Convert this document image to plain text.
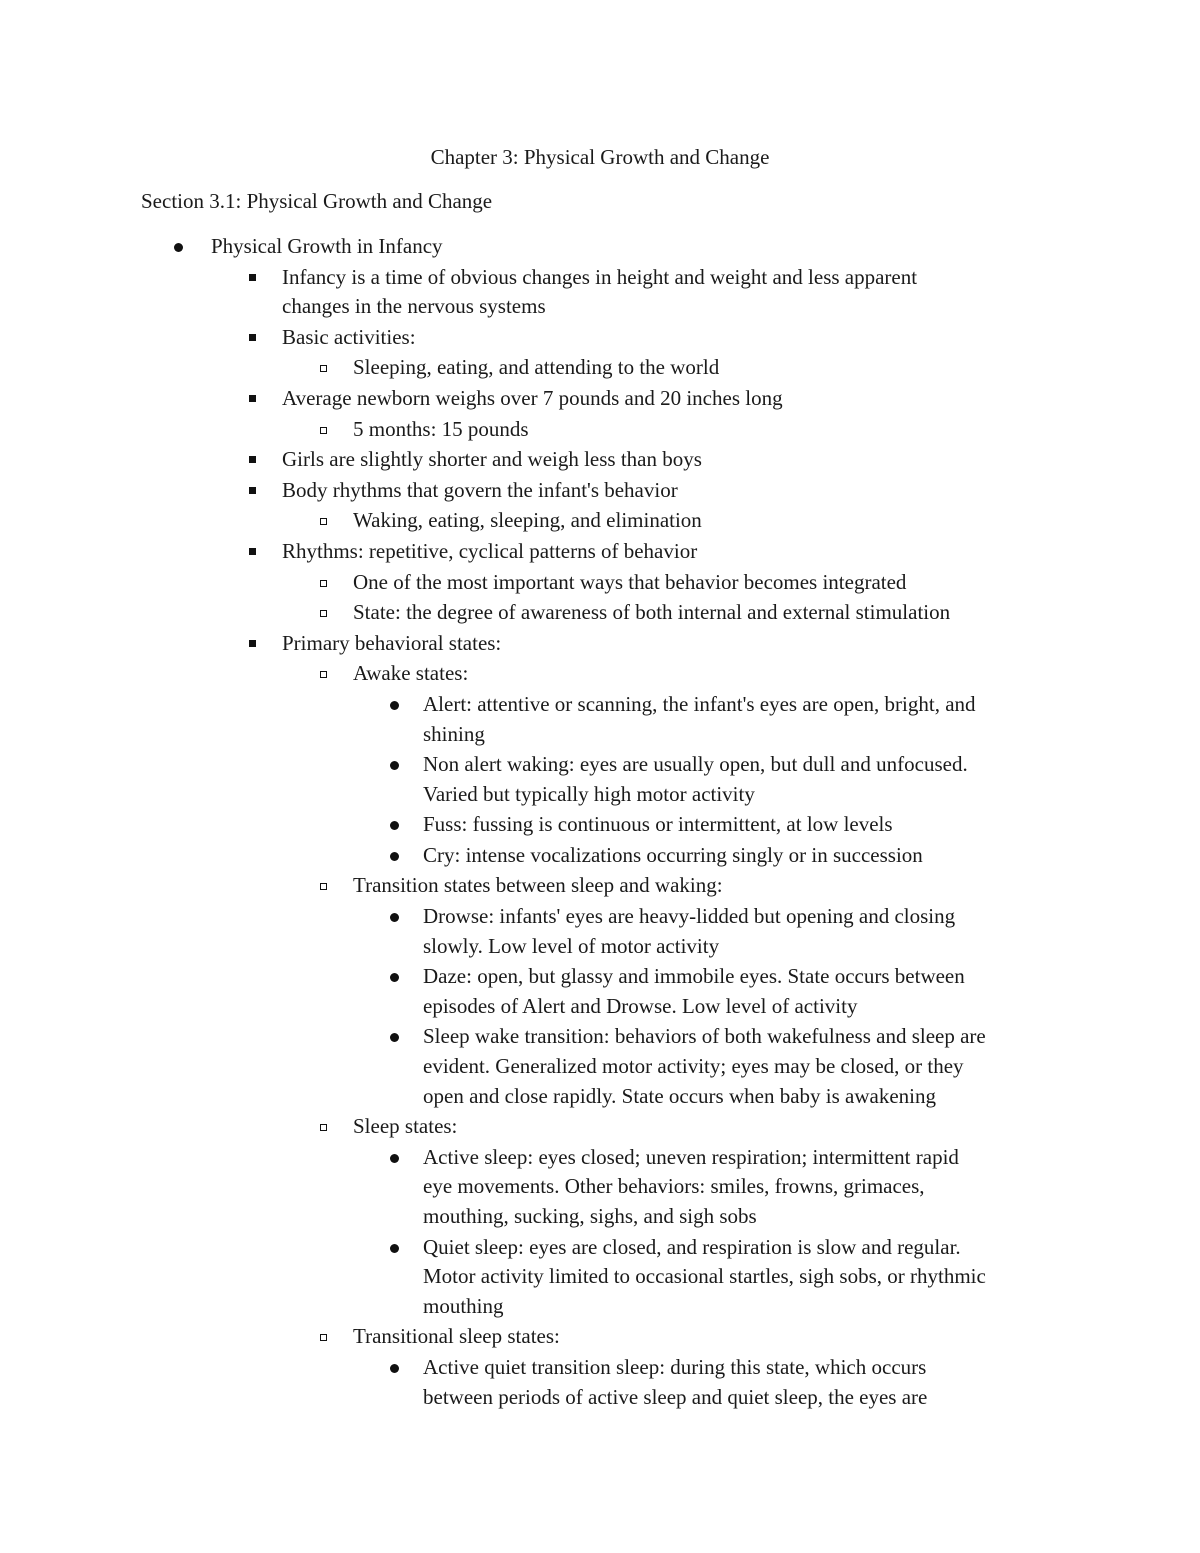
Chapter 3: Physical Growth and Change
Section 3.1: Physical Growth and Change
Physical Growth in Infancy
Infancy is a time of obvious changes in height and weight and less apparent
changes in the nervous systems
Basic activities:
Sleeping, eating, and attending to the world
Average newborn weighs over 7 pounds and 20 inches long
5 months: 15 pounds
Girls are slightly shorter and weigh less than boys
Body rhythms that govern the infant's behavior
Waking, eating, sleeping, and elimination
Rhythms: repetitive, cyclical patterns of behavior
One of the most important ways that behavior becomes integrated
State: the degree of awareness of both internal and external stimulation
Primary behavioral states:
Awake states:
Alert: attentive or scanning, the infant's eyes are open, bright, and
shining
Non alert waking: eyes are usually open, but dull and unfocused.
Varied but typically high motor activity
Fuss: fussing is continuous or intermittent, at low levels
Cry: intense vocalizations occurring singly or in succession
Transition states between sleep and waking:
Drowse: infants' eyes are heavy-lidded but opening and closing
slowly. Low level of motor activity
Daze: open, but glassy and immobile eyes. State occurs between
episodes of Alert and Drowse. Low level of activity
Sleep wake transition: behaviors of both wakefulness and sleep are
evident. Generalized motor activity; eyes may be closed, or they
open and close rapidly. State occurs when baby is awakening
Sleep states:
Active sleep: eyes closed; uneven respiration; intermittent rapid
eye movements. Other behaviors: smiles, frowns, grimaces,
mouthing, sucking, sighs, and sigh sobs
Quiet sleep: eyes are closed, and respiration is slow and regular.
Motor activity limited to occasional startles, sigh sobs, or rhythmic
mouthing
Transitional sleep states:
Active quiet transition sleep: during this state, which occurs
between periods of active sleep and quiet sleep, the eyes are
